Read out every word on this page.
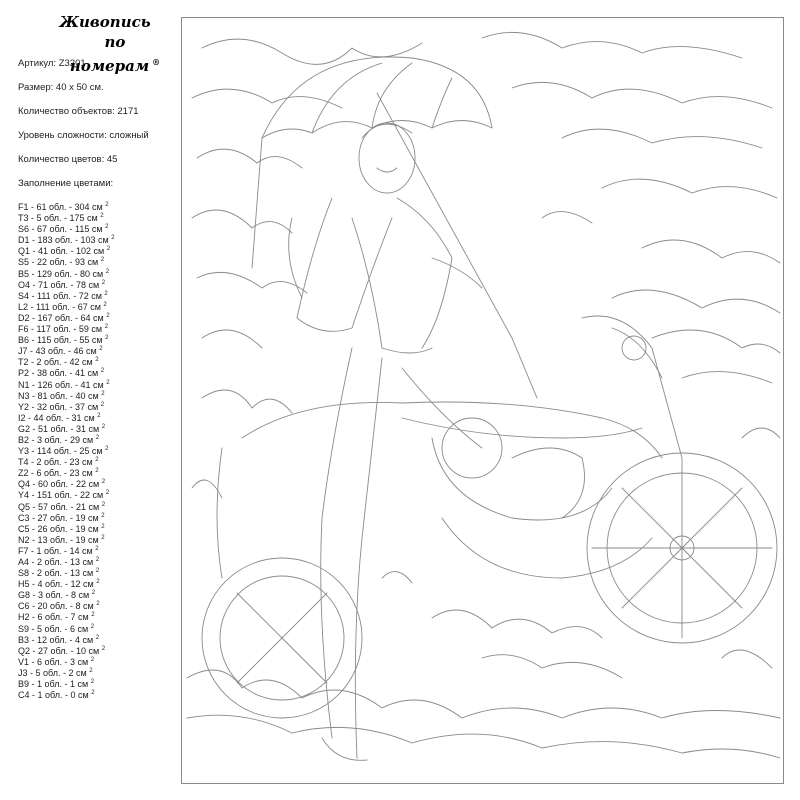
Живопись
по номерам ®
Артикул: Z3201
Размер: 40 х 50 см.
Количество объектов: 2171
Уровень сложности: сложный
Количество цветов: 45
Заполнение цветами:
F1 - 61 обл. - 304 см $^2$
T3 - 5 обл. - 175 см $^2$
S6 - 67 обл. - 115 см $^2$
D1 - 183 обл. - 103 см $^2$
Q1 - 41 обл. - 102 см $^2$
S5 - 22 обл. - 93 см $^2$
B5 - 129 обл. - 80 см $^2$
O4 - 71 обл. - 78 см $^2$
S4 - 111 обл. - 72 см $^2$
L2 - 111 обл. - 67 см $^2$
D2 - 167 обл. - 64 см $^2$
F6 - 117 обл. - 59 см $^2$
B6 - 115 обл. - 55 см $^2$
J7 - 43 обл. - 46 см $^2$
T2 - 2 обл. - 42 см $^2$
P2 - 38 обл. - 41 см $^2$
N1 - 126 обл. - 41 см $^2$
N3 - 81 обл. - 40 см $^2$
Y2 - 32 обл. - 37 см $^2$
I2 - 44 обл. - 31 см $^2$
G2 - 51 обл. - 31 см $^2$
B2 - 3 обл. - 29 см $^2$
Y3 - 114 обл. - 25 см $^2$
T4 - 2 обл. - 23 см $^2$
Z2 - 6 обл. - 23 см $^2$
Q4 - 60 обл. - 22 см $^2$
Y4 - 151 обл. - 22 см $^2$
Q5 - 57 обл. - 21 см $^2$
C3 - 27 обл. - 19 см $^2$
C5 - 26 обл. - 19 см $^2$
N2 - 13 обл. - 19 см $^2$
F7 - 1 обл. - 14 см $^2$
A4 - 2 обл. - 13 см $^2$
S8 - 2 обл. - 13 см $^2$
H5 - 4 обл. - 12 см $^2$
G8 - 3 обл. - 8 см $^2$
C6 - 20 обл. - 8 см $^2$
H2 - 6 обл. - 7 см $^2$
S9 - 5 обл. - 6 см $^2$
B3 - 12 обл. - 4 см $^2$
Q2 - 27 обл. - 10 см $^2$
V1 - 6 обл. - 3 см $^2$
J3 - 5 обл. - 2 см $^2$
B9 - 1 обл. - 1 см $^2$
C4 - 1 обл. - 0 см $^2$
